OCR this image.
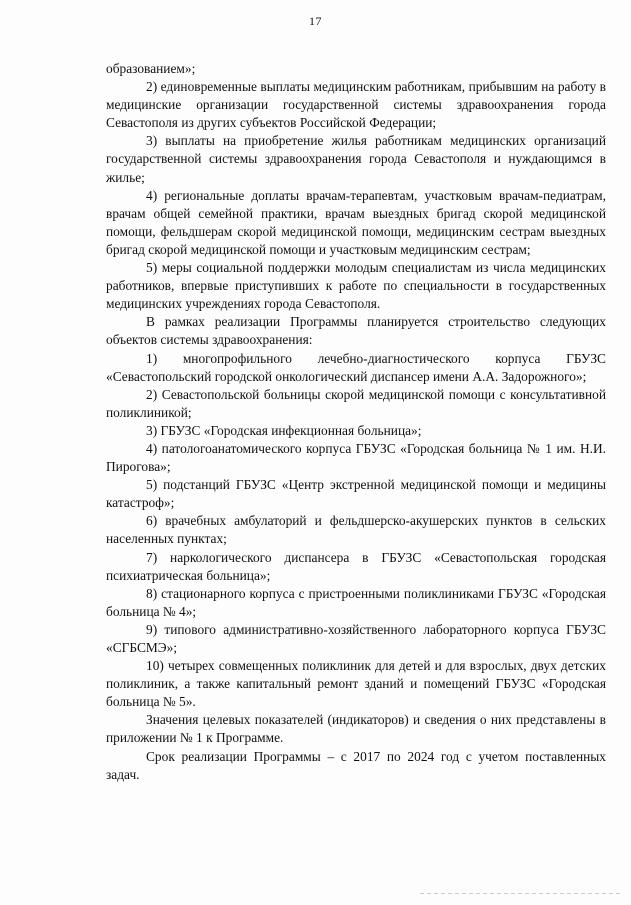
17

образованием»;

2) единовременные выплаты медицинским работникам, прибывшим на работу в медицинские организации государственной системы здравоохранения города Севастополя из других субъектов Российской Федерации;

3) выплаты на приобретение жилья работникам медицинских организаций государственной системы здравоохранения города Севастополя и нуждающимся в жилье;

4) региональные доплаты врачам-терапевтам, участковым врачам-педиатрам, врачам общей семейной практики, врачам выездных бригад скорой медицинской помощи, фельдшерам скорой медицинской помощи, медицинским сестрам выездных бригад скорой медицинской помощи и участковым медицинским сестрам;

5) меры социальной поддержки молодым специалистам из числа медицинских работников, впервые приступивших к работе по специальности в государственных медицинских учреждениях города Севастополя.

В рамках реализации Программы планируется строительство следующих объектов системы здравоохранения:

1) многопрофильного лечебно-диагностического корпуса ГБУЗС «Севастопольский городской онкологический диспансер имени А.А. Задорожного»;

2) Севастопольской больницы скорой медицинской помощи с консультативной поликлиникой;

3) ГБУЗС «Городская инфекционная больница»;

4) патологоанатомического корпуса ГБУЗС «Городская больница № 1 им. Н.И. Пирогова»;

5) подстанций ГБУЗС «Центр экстренной медицинской помощи и медицины катастроф»;

6) врачебных амбулаторий и фельдшерско-акушерских пунктов в сельских населенных пунктах;

7) наркологического диспансера в ГБУЗС «Севастопольская городская психиатрическая больница»;

8) стационарного корпуса с пристроенными поликлиниками ГБУЗС «Городская больница № 4»;

9) типового административно-хозяйственного лабораторного корпуса ГБУЗС «СГБСМЭ»;

10) четырех совмещенных поликлиник для детей и для взрослых, двух детских поликлиник, а также капитальный ремонт зданий и помещений ГБУЗС «Городская больница № 5».

Значения целевых показателей (индикаторов) и сведения о них представлены в приложении № 1 к Программе.

Срок реализации Программы – с 2017 по 2024 год с учетом поставленных задач.
